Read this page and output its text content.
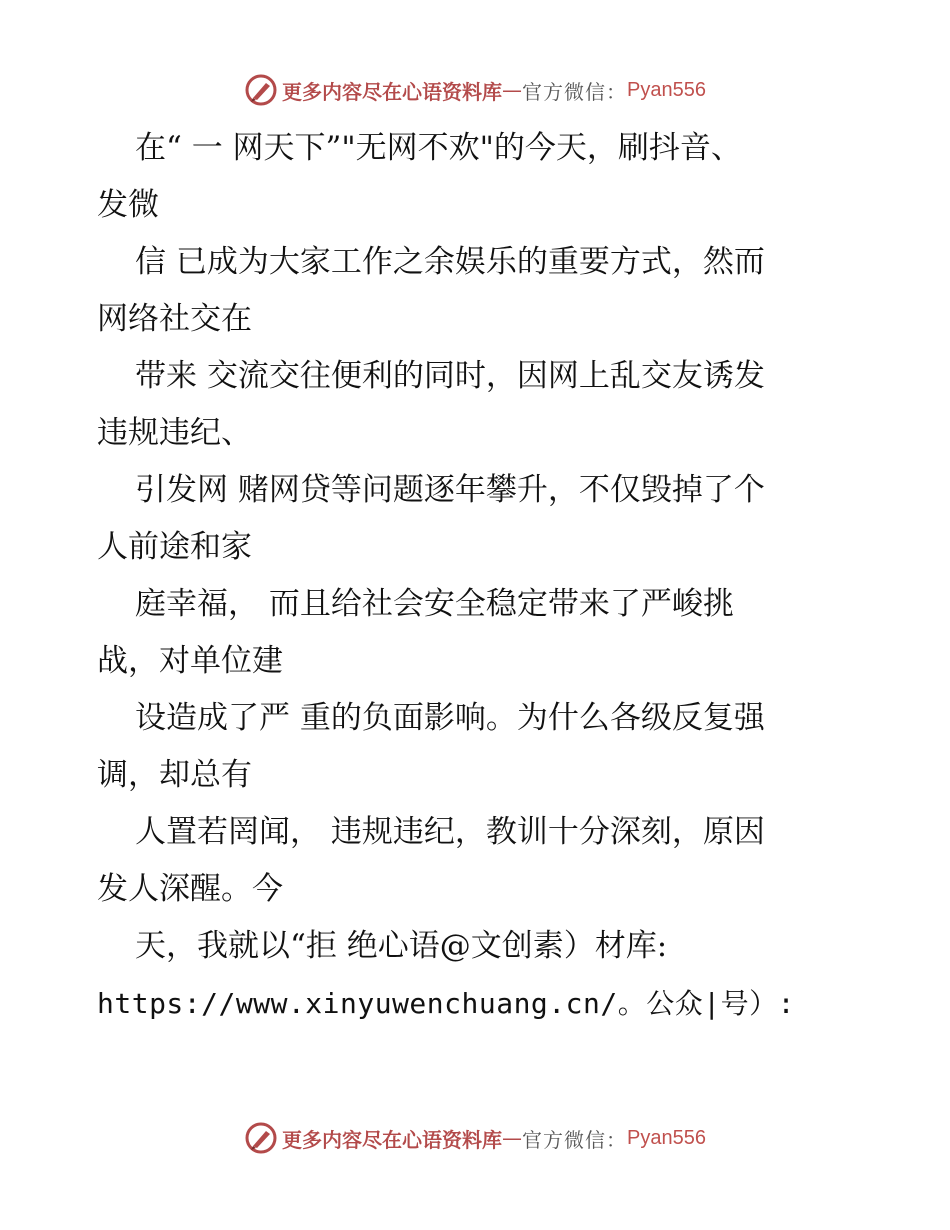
更多内容尽在心语资料库 — 官方微信： Pyan556

在“ 一 网天下”"无网不欢"的今天，刷抖音、
发微

信 已成为大家工作之余娱乐的重要方式，然而
网络社交在

带来 交流交往便利的同时，因网上乱交友诱发
违规违纪、

引发网 赌网贷等问题逐年攀升，不仅毁掉了个
人前途和家

庭幸福， 而且给社会安全稳定带来了严峻挑
战，对单位建

设造成了严 重的负面影响。为什么各级反复强
调，却总有

人置若罔闻， 违规违纪，教训十分深刻，原因
发人深醒。今

天，我就以“拒 绝心语@文创素）材库:
https://www.xinyuwenchuang.cn/。公众|号）:

更多内容尽在心语资料库 — 官方微信： Pyan556
